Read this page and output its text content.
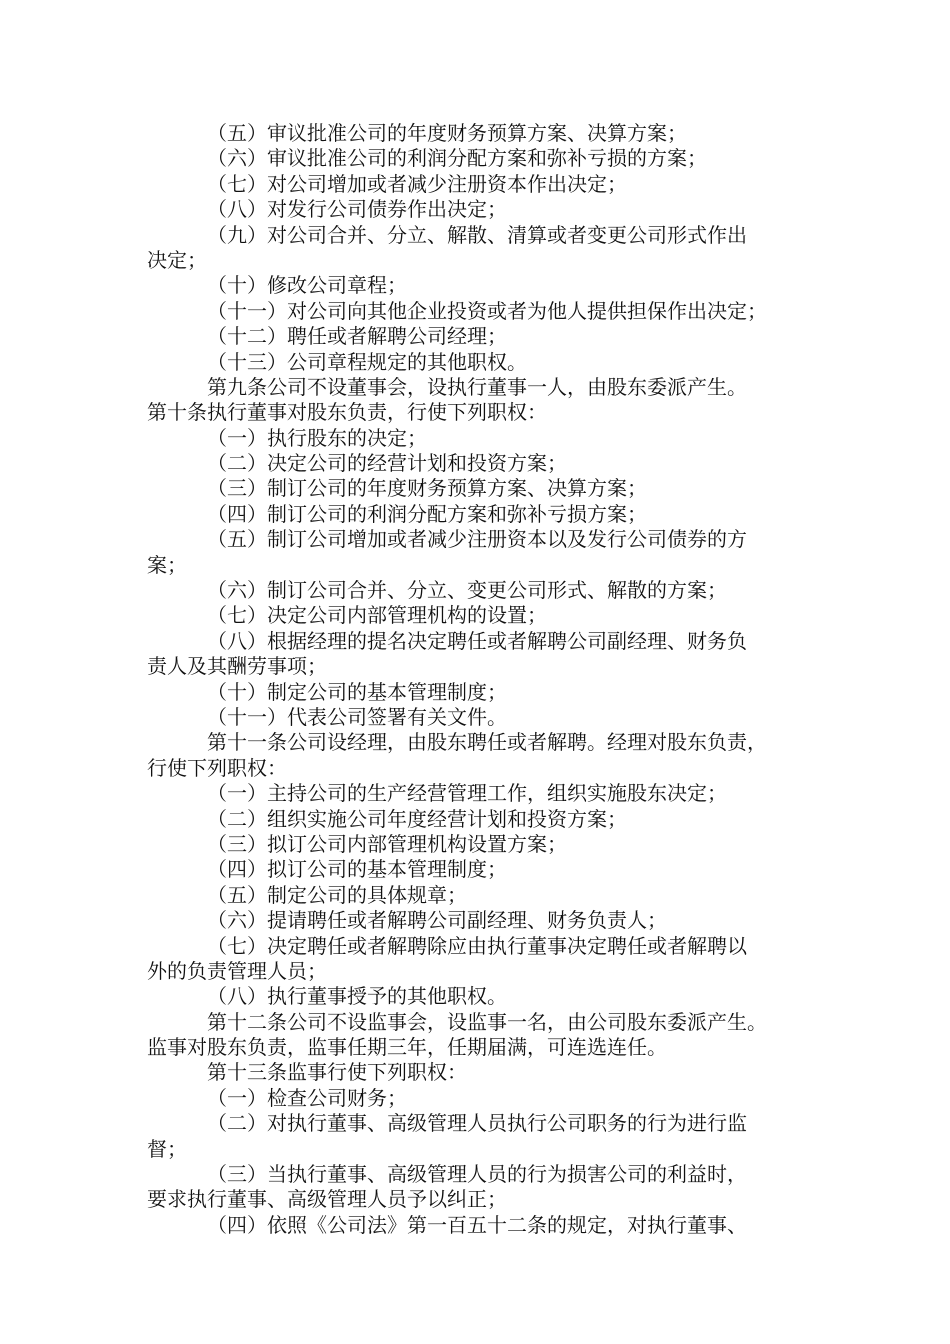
（五）审议批准公司的年度财务预算方案、决算方案；
（六）审议批准公司的利润分配方案和弥补亏损的方案；
（七）对公司增加或者减少注册资本作出决定；
（八）对发行公司债券作出决定；
（九）对公司合并、分立、解散、清算或者变更公司形式作出
决定；
（十）修改公司章程；
（十一）对公司向其他企业投资或者为他人提供担保作出决定；
（十二）聘任或者解聘公司经理；
（十三）公司章程规定的其他职权。
第九条公司不设董事会，设执行董事一人，由股东委派产生。
第十条执行董事对股东负责，行使下列职权：
（一）执行股东的决定；
（二）决定公司的经营计划和投资方案；
（三）制订公司的年度财务预算方案、决算方案；
（四）制订公司的利润分配方案和弥补亏损方案；
（五）制订公司增加或者减少注册资本以及发行公司债券的方
案；
（六）制订公司合并、分立、变更公司形式、解散的方案；
（七）决定公司内部管理机构的设置；
（八）根据经理的提名决定聘任或者解聘公司副经理、财务负
责人及其酬劳事项；
（十）制定公司的基本管理制度；
（十一）代表公司签署有关文件。
第十一条公司设经理，由股东聘任或者解聘。经理对股东负责，
行使下列职权：
（一）主持公司的生产经营管理工作，组织实施股东决定；
（二）组织实施公司年度经营计划和投资方案；
（三）拟订公司内部管理机构设置方案；
（四）拟订公司的基本管理制度；
（五）制定公司的具体规章；
（六）提请聘任或者解聘公司副经理、财务负责人；
（七）决定聘任或者解聘除应由执行董事决定聘任或者解聘以
外的负责管理人员；
（八）执行董事授予的其他职权。
第十二条公司不设监事会，设监事一名，由公司股东委派产生。
监事对股东负责，监事任期三年，任期届满，可连选连任。
第十三条监事行使下列职权：
（一）检查公司财务；
（二）对执行董事、高级管理人员执行公司职务的行为进行监
督；
（三）当执行董事、高级管理人员的行为损害公司的利益时，
要求执行董事、高级管理人员予以纠正；
（四）依照《公司法》第一百五十二条的规定，对执行董事、
